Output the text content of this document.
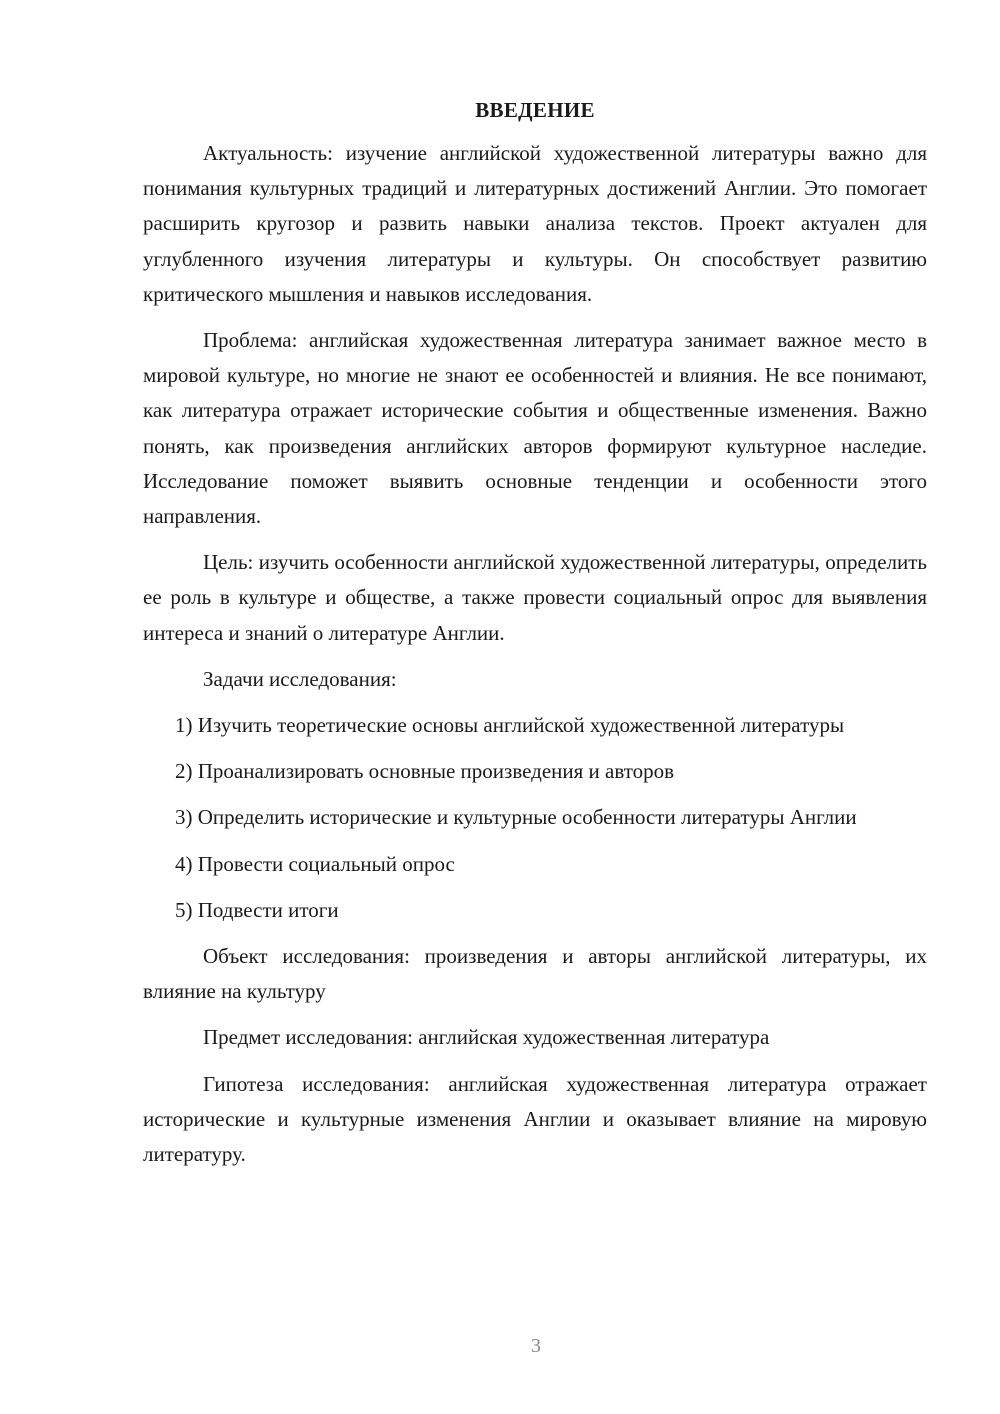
ВВЕДЕНИЕ

Актуальность: изучение английской художественной литературы важно для понимания культурных традиций и литературных достижений Англии. Это помогает расширить кругозор и развить навыки анализа текстов. Проект актуален для углубленного изучения литературы и культуры. Он способствует развитию критического мышления и навыков исследования.

Проблема: английская художественная литература занимает важное место в мировой культуре, но многие не знают ее особенностей и влияния. Не все понимают, как литература отражает исторические события и общественные изменения. Важно понять, как произведения английских авторов формируют культурное наследие. Исследование поможет выявить основные тенденции и особенности этого направления.

Цель: изучить особенности английской художественной литературы, определить ее роль в культуре и обществе, а также провести социальный опрос для выявления интереса и знаний о литературе Англии.

Задачи исследования:

1) Изучить теоретические основы английской художественной литературы

2) Проанализировать основные произведения и авторов

3) Определить исторические и культурные особенности литературы Англии

4) Провести социальный опрос

5) Подвести итоги

Объект исследования: произведения и авторы английской литературы, их влияние на культуру

Предмет исследования: английская художественная литература

Гипотеза исследования: английская художественная литература отражает исторические и культурные изменения Англии и оказывает влияние на мировую литературу.

3
